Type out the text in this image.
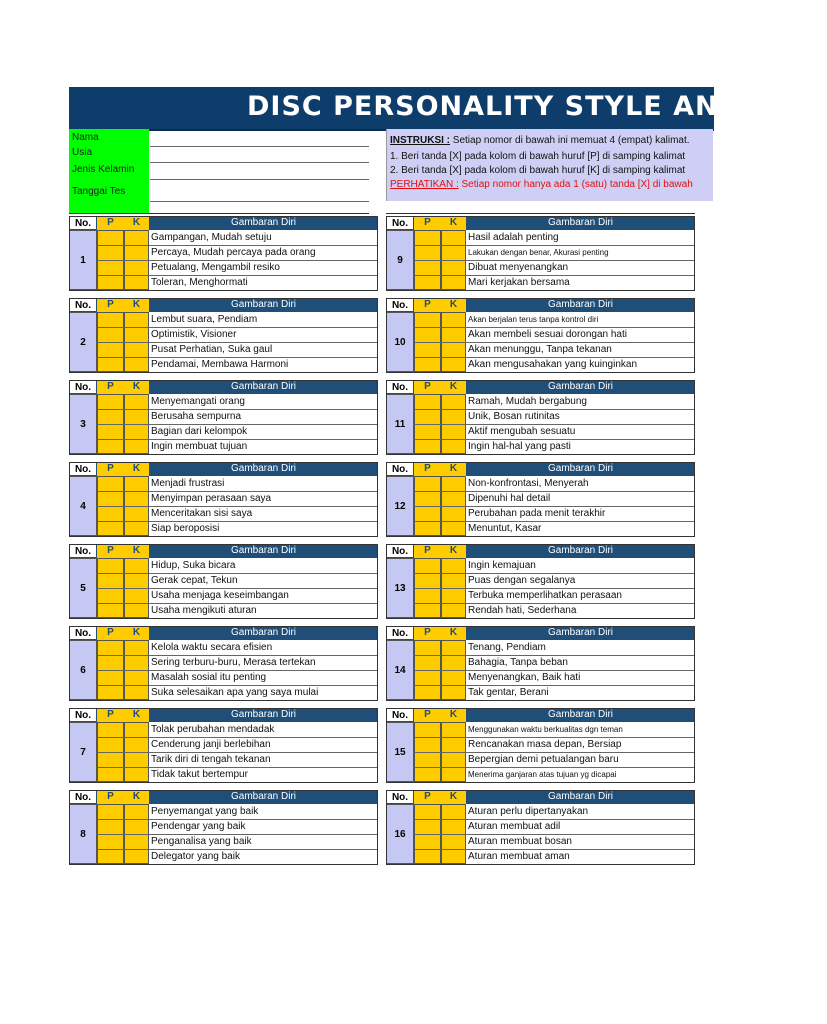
DISC PERSONALITY STYLE ANALYSIS
Nama
Usia
Jenis Kelamin
Tanggai Tes
INSTRUKSI : Setiap nomor di bawah ini memuat 4 (empat) kalimat.
1. Beri tanda [X] pada kolom di bawah huruf [P] di samping kalimat
2. Beri tanda [X] pada kolom di bawah huruf [K] di samping kalimat
PERHATIKAN : Setiap nomor hanya ada 1 (satu) tanda [X] di bawah
No.	P	K	Gambaran Diri
1
Gampangan, Mudah setuju
Percaya, Mudah percaya pada orang
Petualang, Mengambil resiko
Toleran, Menghormati
No.	P	K	Gambaran Diri
2
Lembut suara, Pendiam
Optimistik, Visioner
Pusat Perhatian, Suka gaul
Pendamai, Membawa Harmoni
No.	P	K	Gambaran Diri
3
Menyemangati orang
Berusaha sempurna
Bagian dari kelompok
Ingin membuat tujuan
No.	P	K	Gambaran Diri
4
Menjadi frustrasi
Menyimpan perasaan saya
Menceritakan sisi saya
Siap beroposisi
No.	P	K	Gambaran Diri
5
Hidup, Suka bicara
Gerak cepat, Tekun
Usaha menjaga keseimbangan
Usaha mengikuti aturan
No.	P	K	Gambaran Diri
6
Kelola waktu secara efisien
Sering terburu-buru, Merasa tertekan
Masalah sosial itu penting
Suka selesaikan apa yang saya mulai
No.	P	K	Gambaran Diri
7
Tolak perubahan mendadak
Cenderung janji berlebihan
Tarik diri di tengah tekanan
Tidak takut bertempur
No.	P	K	Gambaran Diri
8
Penyemangat yang baik
Pendengar yang baik
Penganalisa yang baik
Delegator yang baik
No.	P	K	Gambaran Diri
9
Hasil adalah penting
Lakukan dengan benar, Akurasi penting
Dibuat menyenangkan
Mari kerjakan bersama
No.	P	K	Gambaran Diri
10
Akan berjalan terus tanpa kontrol diri
Akan membeli sesuai dorongan hati
Akan menunggu, Tanpa tekanan
Akan mengusahakan yang kuinginkan
No.	P	K	Gambaran Diri
11
Ramah, Mudah bergabung
Unik, Bosan rutinitas
Aktif mengubah sesuatu
Ingin hal-hal yang pasti
No.	P	K	Gambaran Diri
12
Non-konfrontasi, Menyerah
Dipenuhi hal detail
Perubahan pada menit terakhir
Menuntut, Kasar
No.	P	K	Gambaran Diri
13
Ingin kemajuan
Puas dengan segalanya
Terbuka memperlihatkan perasaan
Rendah hati, Sederhana
No.	P	K	Gambaran Diri
14
Tenang, Pendiam
Bahagia, Tanpa beban
Menyenangkan, Baik hati
Tak gentar, Berani
No.	P	K	Gambaran Diri
15
Menggunakan waktu berkualitas dgn teman
Rencanakan masa depan, Bersiap
Bepergian demi petualangan baru
Menerima ganjaran atas tujuan yg dicapai
No.	P	K	Gambaran Diri
16
Aturan perlu dipertanyakan
Aturan membuat adil
Aturan membuat bosan
Aturan membuat aman
